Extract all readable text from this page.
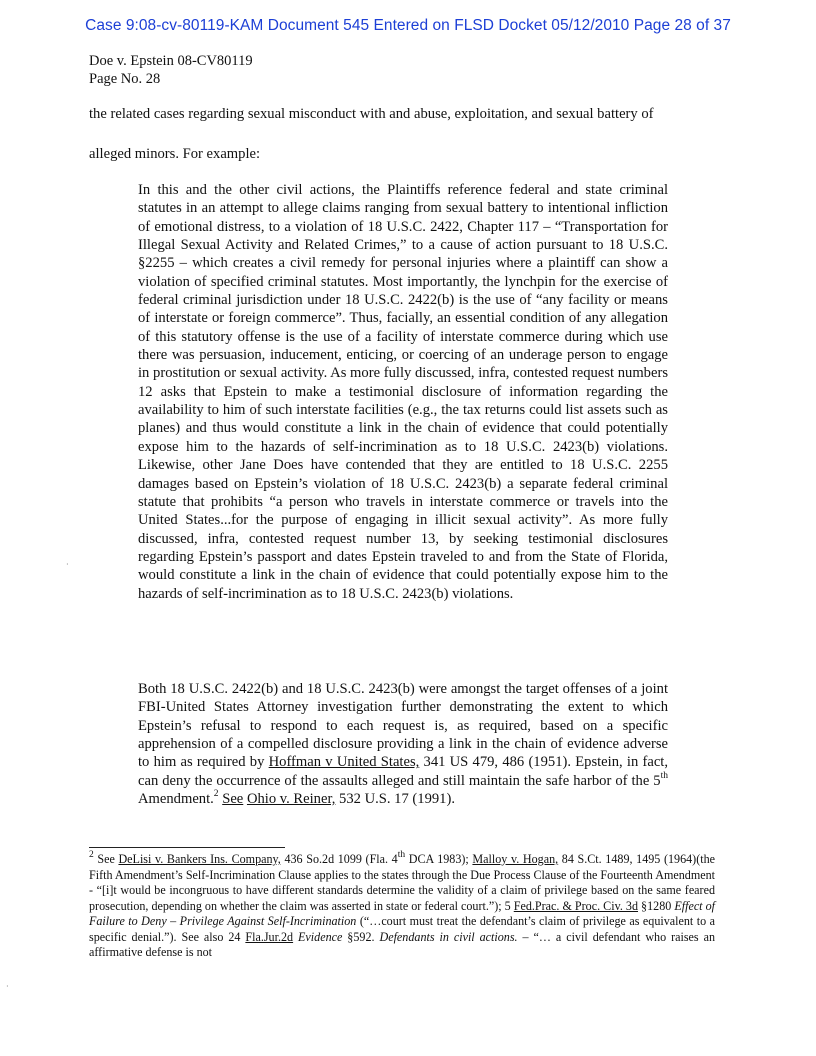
Case 9:08-cv-80119-KAM Document 545 Entered on FLSD Docket 05/12/2010 Page 28 of 37
Doe v. Epstein 08-CV80119
Page No. 28
the related cases regarding sexual misconduct with and abuse, exploitation, and sexual battery of
alleged minors. For example:

In this and the other civil actions, the Plaintiffs reference federal and state criminal statutes in an attempt to allege claims ranging from sexual battery to intentional infliction of emotional distress, to a violation of 18 U.S.C. 2422, Chapter 117 – “Transportation for Illegal Sexual Activity and Related Crimes,” to a cause of action pursuant to 18 U.S.C. §2255 – which creates a civil remedy for personal injuries where a plaintiff can show a violation of specified criminal statutes. Most importantly, the lynchpin for the exercise of federal criminal jurisdiction under 18 U.S.C. 2422(b) is the use of “any facility or means of interstate or foreign commerce”. Thus, facially, an essential condition of any allegation of this statutory offense is the use of a facility of interstate commerce during which use there was persuasion, inducement, enticing, or coercing of an underage person to engage in prostitution or sexual activity. As more fully discussed, infra, contested request numbers 12 asks that Epstein to make a testimonial disclosure of information regarding the availability to him of such interstate facilities (e.g., the tax returns could list assets such as planes) and thus would constitute a link in the chain of evidence that could potentially expose him to the hazards of self-incrimination as to 18 U.S.C. 2423(b) violations. Likewise, other Jane Does have contended that they are entitled to 18 U.S.C. 2255 damages based on Epstein’s violation of 18 U.S.C. 2423(b) a separate federal criminal statute that prohibits “a person who travels in interstate commerce or travels into the United States...for the purpose of engaging in illicit sexual activity”. As more fully discussed, infra, contested request number 13, by seeking testimonial disclosures regarding Epstein’s passport and dates Epstein traveled to and from the State of Florida, would constitute a link in the chain of evidence that could potentially expose him to the hazards of self-incrimination as to 18 U.S.C. 2423(b) violations.

Both 18 U.S.C. 2422(b) and 18 U.S.C. 2423(b) were amongst the target offenses of a joint FBI-United States Attorney investigation further demonstrating the extent to which Epstein’s refusal to respond to each request is, as required, based on a specific apprehension of a compelled disclosure providing a link in the chain of evidence adverse to him as required by Hoffman v United States, 341 US 479, 486 (1951). Epstein, in fact, can deny the occurrence of the assaults alleged and still maintain the safe harbor of the 5th Amendment.$^2$ See Ohio v. Reiner, 532 U.S. 17 (1991).

$^2$ See DeLisi v. Bankers Ins. Company, 436 So.2d 1099 (Fla. 4th DCA 1983); Malloy v. Hogan, 84 S.Ct. 1489, 1495 (1964)(the Fifth Amendment’s Self-Incrimination Clause applies to the states through the Due Process Clause of the Fourteenth Amendment - “[i]t would be incongruous to have different standards determine the validity of a claim of privilege based on the same feared prosecution, depending on whether the claim was asserted in state or federal court.”); 5 Fed.Prac. & Proc. Civ. 3d §1280 Effect of Failure to Deny – Privilege Against Self-Incrimination (“…court must treat the defendant’s claim of privilege as equivalent to a specific denial.”). See also 24 Fla.Jur.2d Evidence §592. Defendants in civil actions. – “… a civil defendant who raises an affirmative defense is not

·
·
